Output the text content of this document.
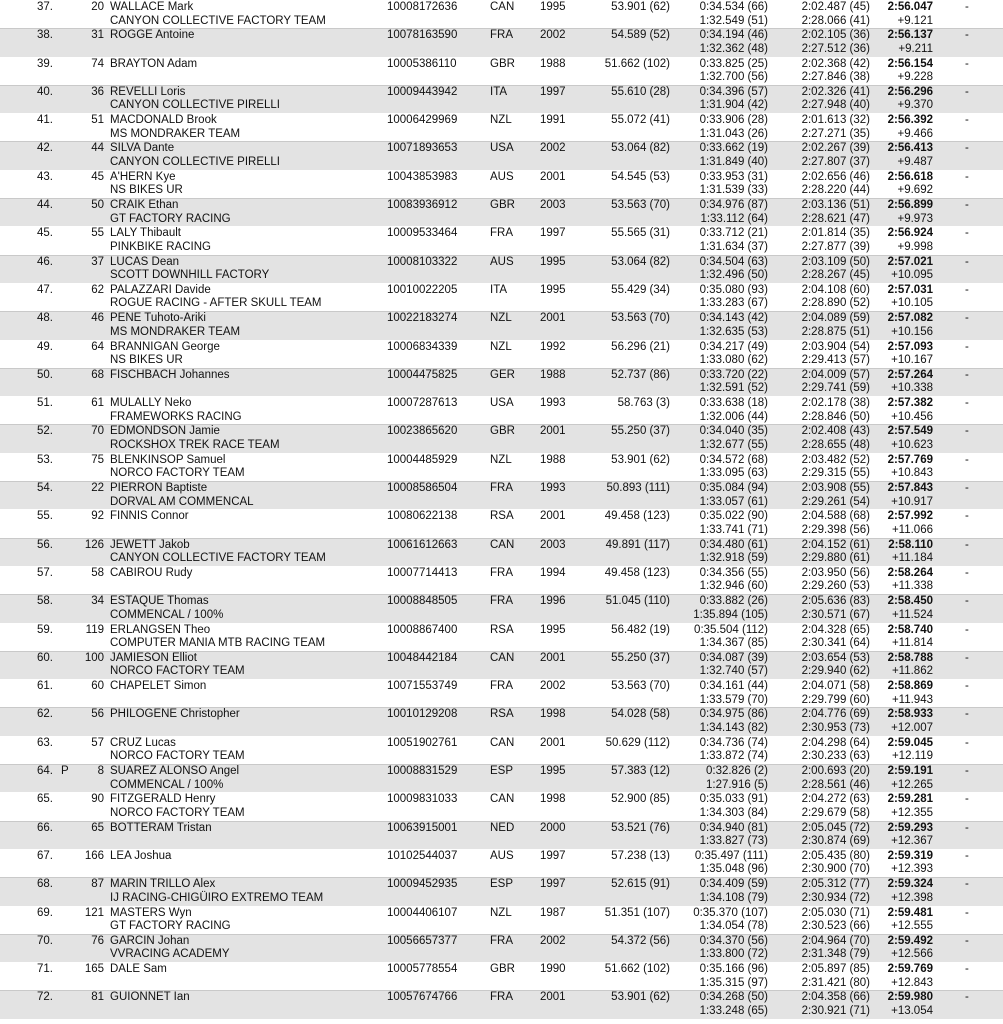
37.	20 WALLACE Mark
CANYON COLLECTIVE FACTORY TEAM
10008172636	CAN 1995	53.901 (62)	0:34.534 (66)	2:02.487 (45)	2:56.047
1:32.549 (51)	2:28.066 (41)	+9.121
-
38.	31 ROGGE Antoine	10078163590	FRA 2002	54.589 (52)	0:34.194 (46)	2:02.105 (36)	2:56.137
1:32.362 (48)	2:27.512 (36)	+9.211
-
39.	74 BRAYTON Adam	10005386110	GBR 1988	51.662 (102)	0:33.825 (25)	2:02.368 (42)	2:56.154
1:32.700 (56)	2:27.846 (38)	+9.228
-
40.	36 REVELLI Loris
CANYON COLLECTIVE PIRELLI
10009443942	ITA	1997	55.610 (28)	0:34.396 (57)	2:02.326 (41)	2:56.296
1:31.904 (42)	2:27.948 (40)	+9.370
-
41.	51 MACDONALD Brook
MS MONDRAKER TEAM
10006429969	NZL 1991	55.072 (41)	0:33.906 (28)	2:01.613 (32)	2:56.392
1:31.043 (26)	2:27.271 (35)	+9.466
-
42.	44 SILVA Dante
CANYON COLLECTIVE PIRELLI
10071893653	USA 2002	53.064 (82)	0:33.662 (19)	2:02.267 (39)	2:56.413
1:31.849 (40)	2:27.807 (37)	+9.487
-
43.	45 A'HERN Kye
NS BIKES UR
10043853983	AUS 2001	54.545 (53)	0:33.953 (31)	2:02.656 (46)	2:56.618
1:31.539 (33)	2:28.220 (44)	+9.692
-
44.	50 CRAIK Ethan
GT FACTORY RACING
10083936912	GBR 2003	53.563 (70)	0:34.976 (87)	2:03.136 (51)	2:56.899
1:33.112 (64)	2:28.621 (47)	+9.973
-
45.	55 LALY Thibault
PINKBIKE RACING
10009533464	FRA 1997	55.565 (31)	0:33.712 (21)	2:01.814 (35)	2:56.924
1:31.634 (37)	2:27.877 (39)	+9.998
-
46.	37 LUCAS Dean
SCOTT DOWNHILL FACTORY
10008103322	AUS 1995	53.064 (82)	0:34.504 (63)	2:03.109 (50)	2:57.021
1:32.496 (50)	2:28.267 (45)	+10.095
-
47.	62 PALAZZARI Davide
ROGUE RACING - AFTER SKULL TEAM
10010022205	ITA	1995	55.429 (34)	0:35.080 (93)	2:04.108 (60)	2:57.031
1:33.283 (67)	2:28.890 (52)	+10.105
-
48.	46 PENE Tuhoto-Ariki
MS MONDRAKER TEAM
10022183274	NZL 2001	53.563 (70)	0:34.143 (42)	2:04.089 (59)	2:57.082
1:32.635 (53)	2:28.875 (51)	+10.156
-
49.	64 BRANNIGAN George
NS BIKES UR
10006834339	NZL 1992	56.296 (21)	0:34.217 (49)	2:03.904 (54)	2:57.093
1:33.080 (62)	2:29.413 (57)	+10.167
-
50.	68 FISCHBACH Johannes	10004475825	GER 1988	52.737 (86)	0:33.720 (22)	2:04.009 (57)	2:57.264
1:32.591 (52)	2:29.741 (59)	+10.338
-
51.	61 MULALLY Neko
FRAMEWORKS RACING
10007287613	USA 1993	58.763 (3)	0:33.638 (18)	2:02.178 (38)	2:57.382
1:32.006 (44)	2:28.846 (50)	+10.456
-
52.	70 EDMONDSON Jamie
ROCKSHOX TREK RACE TEAM
10023865620	GBR 2001	55.250 (37)	0:34.040 (35)	2:02.408 (43)	2:57.549
1:32.677 (55)	2:28.655 (48)	+10.623
-
53.	75 BLENKINSOP Samuel
NORCO FACTORY TEAM
10004485929	NZL 1988	53.901 (62)	0:34.572 (68)	2:03.482 (52)	2:57.769
1:33.095 (63)	2:29.315 (55)	+10.843
-
54.	22 PIERRON Baptiste
DORVAL AM COMMENCAL
10008586504	FRA 1993	50.893 (111)	0:35.084 (94)	2:03.908 (55)	2:57.843
1:33.057 (61)	2:29.261 (54)	+10.917
-
55.	92 FINNIS Connor	10080622138	RSA 2001	49.458 (123)	0:35.022 (90)	2:04.588 (68)	2:57.992
1:33.741 (71)	2:29.398 (56)	+11.066
-
56.	126 JEWETT Jakob
CANYON COLLECTIVE FACTORY TEAM
10061612663	CAN 2003	49.891 (117)	0:34.480 (61)	2:04.152 (61)	2:58.110
1:32.918 (59)	2:29.880 (61)	+11.184
-
57.	58 CABIROU Rudy	10007714413	FRA 1994	49.458 (123)	0:34.356 (55)	2:03.950 (56)	2:58.264
1:32.946 (60)	2:29.260 (53)	+11.338
-
58.	34 ESTAQUE Thomas
COMMENCAL / 100%
10008848505	FRA 1996	51.045 (110)	0:33.882 (26)	2:05.636 (83)	2:58.450
1:35.894 (105)	2:30.571 (67)	+11.524
-
59.	119 ERLANGSEN Theo
COMPUTER MANIA MTB RACING TEAM
10008867400	RSA 1995	56.482 (19)	0:35.504 (112)	2:04.328 (65)	2:58.740
1:34.367 (85)	2:30.341 (64)	+11.814
-
60.	100 JAMIESON Elliot
NORCO FACTORY TEAM
10048442184	CAN 2001	55.250 (37)	0:34.087 (39)	2:03.654 (53)	2:58.788
1:32.740 (57)	2:29.940 (62)	+11.862
-
61.	60 CHAPELET Simon	10071553749	FRA 2002	53.563 (70)	0:34.161 (44)	2:04.071 (58)	2:58.869
1:33.579 (70)	2:29.799 (60)	+11.943
-
62.	56 PHILOGENE Christopher	10010129208	RSA 1998	54.028 (58)	0:34.975 (86)	2:04.776 (69)	2:58.933
1:34.143 (82)	2:30.953 (73)	+12.007
-
63.	57 CRUZ Lucas
NORCO FACTORY TEAM
10051902761	CAN 2001	50.629 (112)	0:34.736 (74)	2:04.298 (64)	2:59.045
1:33.872 (74)	2:30.233 (63)	+12.119
-
64. P	8 SUAREZ ALONSO Angel
COMMENCAL / 100%
10008831529	ESP 1995	57.383 (12)	0:32.826 (2)	2:00.693 (20)	2:59.191
1:27.916 (5)	2:28.561 (46)	+12.265
-
65.	90 FITZGERALD Henry
NORCO FACTORY TEAM
10009831033	CAN 1998	52.900 (85)	0:35.033 (91)	2:04.272 (63)	2:59.281
1:34.303 (84)	2:29.679 (58)	+12.355
-
66.	65 BOTTERAM Tristan	10063915001	NED 2000	53.521 (76)	0:34.940 (81)	2:05.045 (72)	2:59.293
1:33.827 (73)	2:30.874 (69)	+12.367
-
67.	166 LEA Joshua	10102544037	AUS 1997	57.238 (13)	0:35.497 (111)	2:05.435 (80)	2:59.319
1:35.048 (96)	2:30.900 (70)	+12.393
-
68.	87 MARIN TRILLO Alex
IJ RACING-CHIGÜIRO EXTREMO TEAM
10009452935	ESP 1997	52.615 (91)	0:34.409 (59)	2:05.312 (77)	2:59.324
1:34.108 (79)	2:30.934 (72)	+12.398
-
69.	121 MASTERS Wyn
GT FACTORY RACING
10004406107	NZL 1987	51.351 (107)	0:35.370 (107)	2:05.030 (71)	2:59.481
1:34.054 (78)	2:30.523 (66)	+12.555
-
70.	76 GARCIN Johan
VVRACING ACADEMY
10056657377	FRA 2002	54.372 (56)	0:34.370 (56)	2:04.964 (70)	2:59.492
1:33.800 (72)	2:31.348 (79)	+12.566
-
71.	165 DALE Sam	10005778554	GBR 1990	51.662 (102)	0:35.166 (96)	2:05.897 (85)	2:59.769
1:35.315 (97)	2:31.421 (80)	+12.843
-
72.	81 GUIONNET Ian	10057674766	FRA 2001	53.901 (62)	0:34.268 (50)	2:04.358 (66)	2:59.980
1:33.248 (65)	2:30.921 (71)	+13.054
-
